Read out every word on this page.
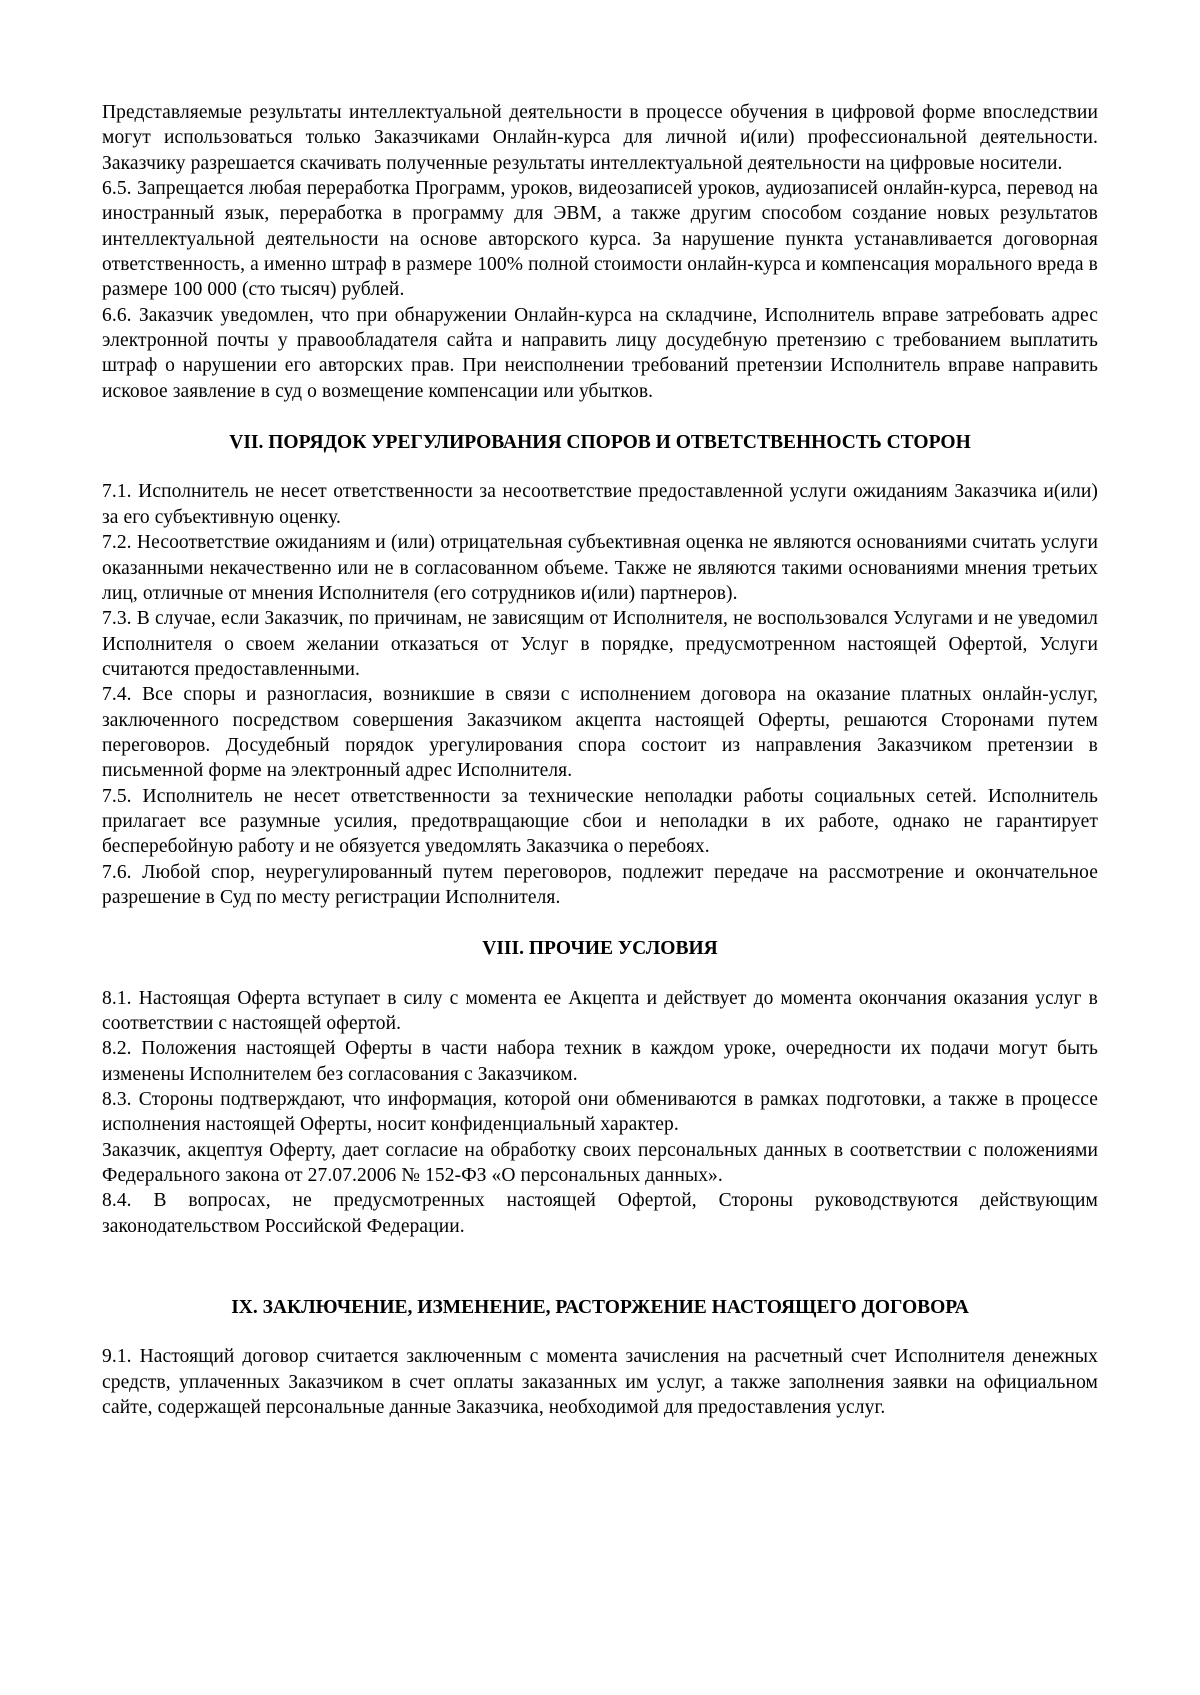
Представляемые результаты интеллектуальной деятельности в процессе обучения в цифровой форме впоследствии могут использоваться только Заказчиками Онлайн-курса для личной и(или) профессиональной деятельности. Заказчику разрешается скачивать полученные результаты интеллектуальной деятельности на цифровые носители.

6.5. Запрещается любая переработка Программ, уроков, видеозаписей уроков, аудиозаписей онлайн-курса, перевод на иностранный язык, переработка в программу для ЭВМ, а также другим способом создание новых результатов интеллектуальной деятельности на основе авторского курса. За нарушение пункта устанавливается договорная ответственность, а именно штраф в размере 100% полной стоимости онлайн-курса и компенсация морального вреда в размере 100 000 (сто тысяч) рублей.

6.6. Заказчик уведомлен, что при обнаружении Онлайн-курса на складчине, Исполнитель вправе затребовать адрес электронной почты у правообладателя сайта и направить лицу досудебную претензию с требованием выплатить штраф о нарушении его авторских прав. При неисполнении требований претензии Исполнитель вправе направить исковое заявление в суд о возмещение компенсации или убытков.

VII. ПОРЯДОК УРЕГУЛИРОВАНИЯ СПОРОВ И ОТВЕТСТВЕННОСТЬ СТОРОН

7.1. Исполнитель не несет ответственности за несоответствие предоставленной услуги ожиданиям Заказчика и(или) за его субъективную оценку.

7.2. Несоответствие ожиданиям и (или) отрицательная субъективная оценка не являются основаниями считать услуги оказанными некачественно или не в согласованном объеме. Также не являются такими основаниями мнения третьих лиц, отличные от мнения Исполнителя (его сотрудников и(или) партнеров).

7.3. В случае, если Заказчик, по причинам, не зависящим от Исполнителя, не воспользовался Услугами и не уведомил Исполнителя о своем желании отказаться от Услуг в порядке, предусмотренном настоящей Офертой, Услуги считаются предоставленными.

7.4. Все споры и разногласия, возникшие в связи с исполнением договора на оказание платных онлайн-услуг, заключенного посредством совершения Заказчиком акцепта настоящей Оферты, решаются Сторонами путем переговоров. Досудебный порядок урегулирования спора состоит из направления Заказчиком претензии в письменной форме на электронный адрес Исполнителя.

7.5. Исполнитель не несет ответственности за технические неполадки работы социальных сетей. Исполнитель прилагает все разумные усилия, предотвращающие сбои и неполадки в их работе, однако не гарантирует бесперебойную работу и не обязуется уведомлять Заказчика о перебоях.

7.6. Любой спор, неурегулированный путем переговоров, подлежит передаче на рассмотрение и окончательное разрешение в Суд по месту регистрации Исполнителя.

VIII. ПРОЧИЕ УСЛОВИЯ

8.1. Настоящая Оферта вступает в силу с момента ее Акцепта и действует до момента окончания оказания услуг в соответствии с настоящей офертой.

8.2. Положения настоящей Оферты в части набора техник в каждом уроке, очередности их подачи могут быть изменены Исполнителем без согласования с Заказчиком.

8.3. Стороны подтверждают, что информация, которой они обмениваются в рамках подготовки, а также в процессе исполнения настоящей Оферты, носит конфиденциальный характер.

Заказчик, акцептуя Оферту, дает согласие на обработку своих персональных данных в соответствии с положениями Федерального закона от 27.07.2006 № 152-ФЗ «О персональных данных».

8.4. В вопросах, не предусмотренных настоящей Офертой, Стороны руководствуются действующим законодательством Российской Федерации.

IX. ЗАКЛЮЧЕНИЕ, ИЗМЕНЕНИЕ, РАСТОРЖЕНИЕ НАСТОЯЩЕГО ДОГОВОРА

9.1. Настоящий договор считается заключенным с момента зачисления на расчетный счет Исполнителя денежных средств, уплаченных Заказчиком в счет оплаты заказанных им услуг, а также заполнения заявки на официальном сайте, содержащей персональные данные Заказчика, необходимой для предоставления услуг.
